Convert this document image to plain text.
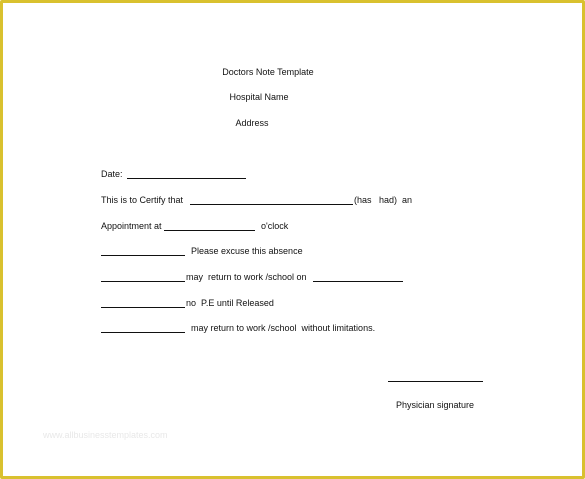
Doctors Note Template
Hospital Name
Address
Date:
This is to Certify that	(has   had)  an
Appointment at	o'clock
Please excuse this absence
may  return to work /school on
no  P.E until Released
may return to work /school  without limitations.
Physician signature
www.allbusinesstemplates.com
